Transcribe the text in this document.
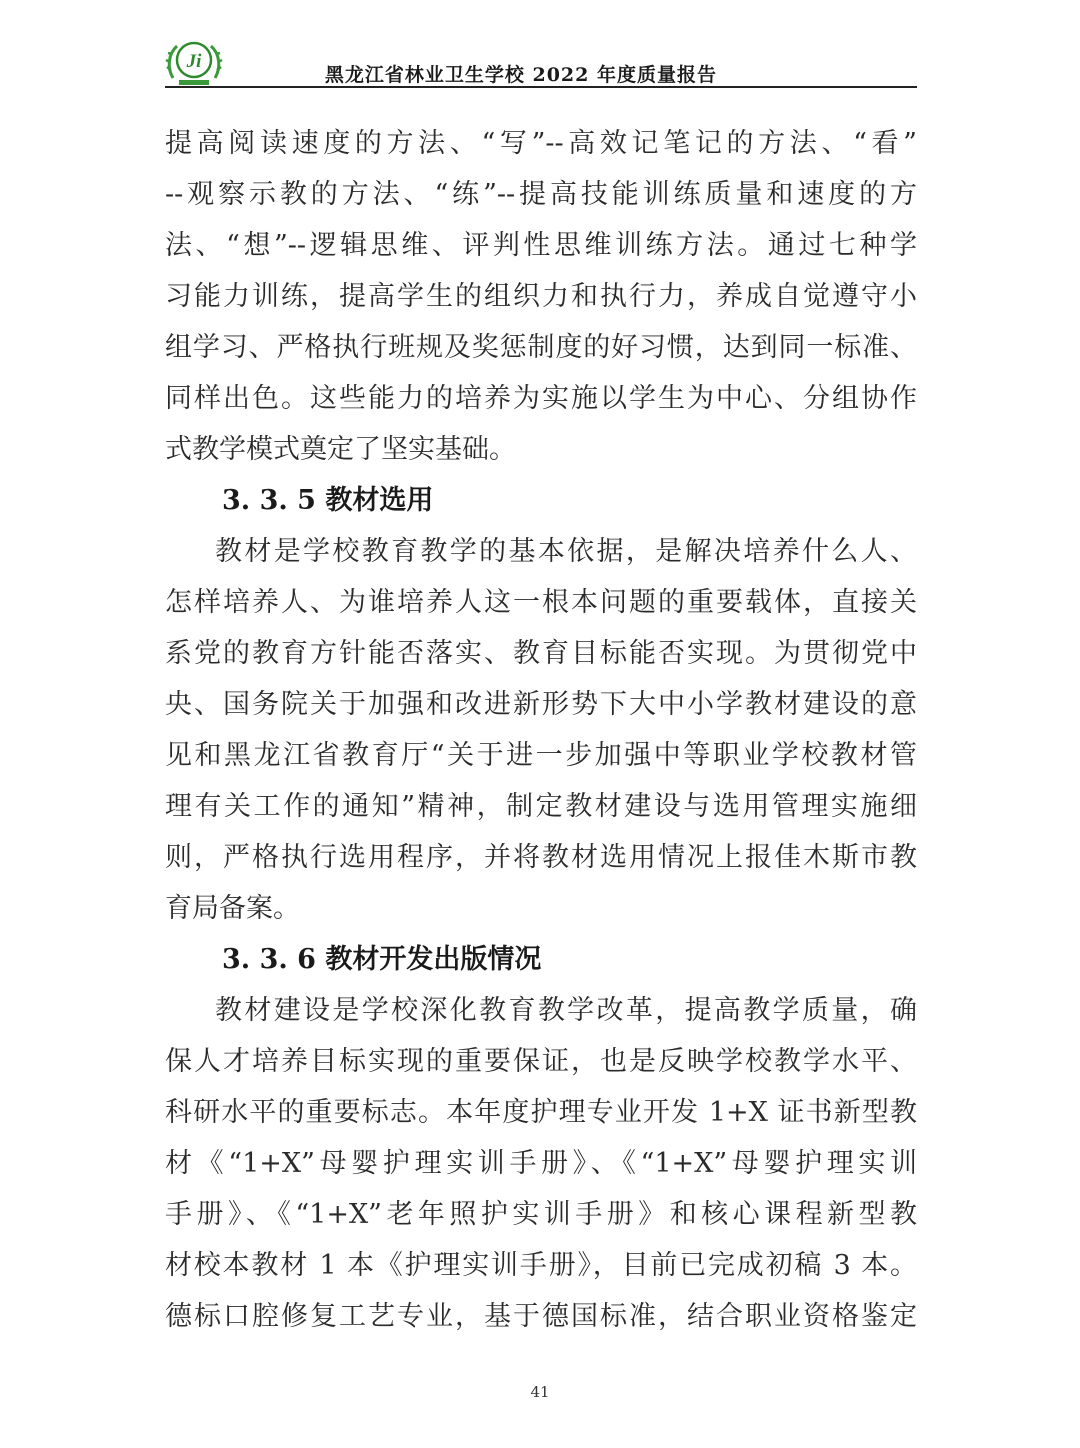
Ji
黑龙江省林业卫生学校 2022 年度质量报告
提高阅读速度的方法、“写”--高效记笔记的方法、“看”
--观察示教的方法、“练”--提高技能训练质量和速度的方
法、“想”--逻辑思维、评判性思维训练方法。通过七种学
习能力训练，提高学生的组织力和执行力，养成自觉遵守小
组学习、严格执行班规及奖惩制度的好习惯，达到同一标准、
同样出色。这些能力的培养为实施以学生为中心、分组协作
式教学模式奠定了坚实基础。
3. 3. 5 教材选用
教材是学校教育教学的基本依据，是解决培养什么人、
怎样培养人、为谁培养人这一根本问题的重要载体，直接关
系党的教育方针能否落实、教育目标能否实现。为贯彻党中
央、国务院关于加强和改进新形势下大中小学教材建设的意
见和黑龙江省教育厅“关于进一步加强中等职业学校教材管
理有关工作的通知”精神，制定教材建设与选用管理实施细
则，严格执行选用程序，并将教材选用情况上报佳木斯市教
育局备案。
3. 3. 6 教材开发出版情况
教材建设是学校深化教育教学改革，提高教学质量，确
保人才培养目标实现的重要保证，也是反映学校教学水平、
科研水平的重要标志。本年度护理专业开发 1+X 证书新型教
材《“1+X”母婴护理实训手册》、《“1+X”母婴护理实训
手册》、《“1+X”老年照护实训手册》和核心课程新型教
材校本教材 1 本《护理实训手册》，目前已完成初稿 3 本。
德标口腔修复工艺专业，基于德国标准，结合职业资格鉴定
41
